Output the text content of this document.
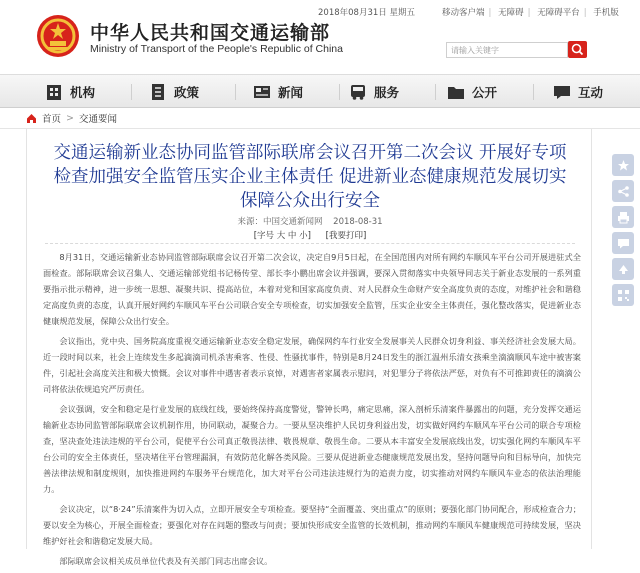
中华人民共和国交通运输部
Ministry of Transport of the People's Republic of China
2018年08月31日 星期五	移动客户端 | 无障碍 | 无障碍平台 | 手机版
请输入关键字
机构	政策	新闻	服务	公开	互动
首页 > 交通要闻
交通运输新业态协同监管部际联席会议召开第二次会议 开展好专项检查加强安全监管压实企业主体责任 促进新业态健康规范发展切实保障公众出行安全
来源：中国交通新闻网 2018-08-31
[字号 大 中 小] [我要打印]

8月31日，交通运输新业态协同监管部际联席会议召开第二次会议，决定自9月5日起，在全国范围内对所有网约车顺风车平台公司开展进驻式全面检查。部际联席会议召集人、交通运输部党组书记杨传堂、部长李小鹏出席会议并强调，要深入贯彻落实中央领导同志关于新业态发展的一系列重要指示批示精神，进一步统一思想、凝聚共识、提高站位，本着对党和国家高度负责、对人民群众生命财产安全高度负责的态度，对维护社会和谐稳定高度负责的态度，认真开展好网约车顺风车平台公司联合安全专项检查，切实加强安全监管，压实企业安全主体责任，强化整改落实，促进新业态健康规范发展，保障公众出行安全。

会议指出，党中央、国务院高度重视交通运输新业态安全稳定发展，确保网约车行业安全发展事关人民群众切身利益、事关经济社会发展大局。近一段时间以来，社会上连续发生多起滴滴司机杀害乘客、性侵、性骚扰事件，特别是8月24日发生的浙江温州乐清女孩乘坐滴滴顺风车途中被害案件，引起社会高度关注和极大愤慨。会议对事件中遇害者表示哀悼，对遇害者家属表示慰问，对犯罪分子将依法严惩，对负有不可推卸责任的滴滴公司将依法依规追究严厉责任。

会议强调，安全和稳定是行业发展的底线红线，要始终保持高度警觉，警钟长鸣，痛定思痛，深入剖析乐清案件暴露出的问题，充分发挥交通运输新业态协同监管部际联席会议机制作用，协同联动，凝聚合力。一要从坚决维护人民切身利益出发，切实做好网约车顺风车平台公司的联合专项检查，坚决查处违法违规的平台公司，促使平台公司真正敬畏法律、敬畏规章、敬畏生命。二要从本丰富安全发展底线出发，切实强化网约车顺风车平台公司的安全主体责任，坚决堵住平台管理漏洞，有效防范化解各类风险。三要从促进新业态健康规范发展出发，坚持问题导向和目标导向，加快完善法律法规和制度规则，加快推进网约车服务平台规范化，加大对平台公司违法违规行为的追责力度，切实推动对网约车顺风车业态的依法治理能力。

会议决定，以“8·24”乐清案件为切入点，立即开展安全专项检查。要坚持“全面覆盖、突出重点”的原则；要强化部门协同配合，形成检查合力；要以安全为核心，开展全面检查；要强化对存在问题的整改与问责；要加快形成安全监管的长效机制，推动网约车顺风车健康规范可持续发展，坚决维护好社会和谐稳定发展大局。

部际联席会议相关成员单位代表及有关部门同志出席会议。
